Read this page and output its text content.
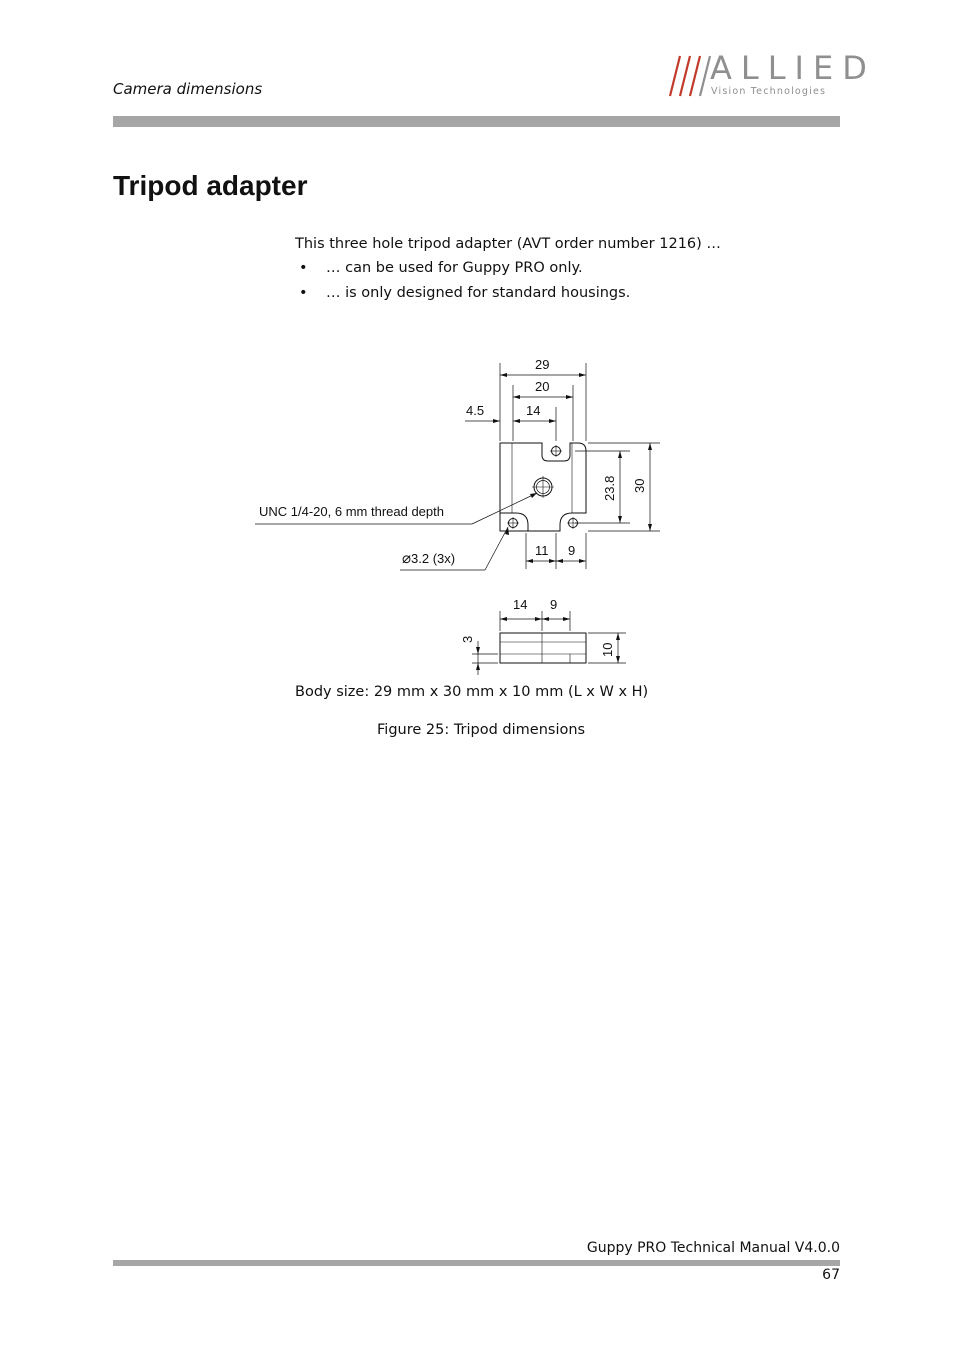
Camera dimensions
ALLIED
Vision Technologies
Tripod adapter
This three hole tripod adapter (AVT order number 1216) …
• … can be used for Guppy PRO only.
• … is only designed for standard housings.
29
20
4.5	14
23.8 30
11 9
UNC 1/4-20, 6 mm thread depth
⌀3.2 (3x)
14 9
3
10
Body size: 29 mm x 30 mm x 10 mm (L x W x H)
Figure 25: Tripod dimensions
Guppy PRO Technical Manual V4.0.0
67
